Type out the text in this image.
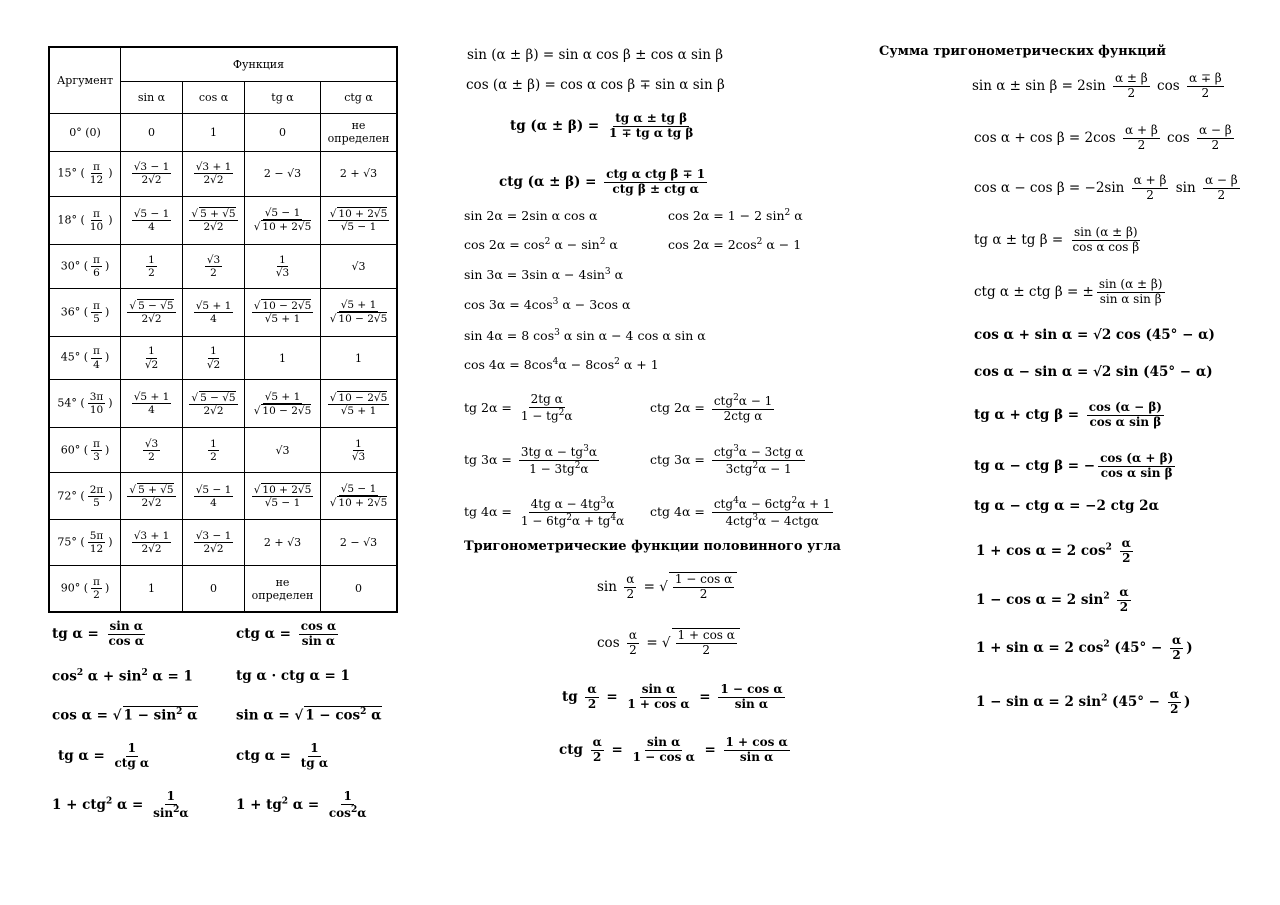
Аргумент	Функция			
	sin α	cos α	tg α	ctg α
0° (0)	0	1	0	не
определен
15° ( $\frac{\pi}{12}$ )	$\frac{√3 - 1}{2√2}$	$\frac{√3 + 1}{2√2}$	2 − √3	2 + √3
18° ( $\frac{\pi}{10}$ )	$\frac{√5 - 1}{4}$	$\frac{√ 5 + √5}{2√2}$	$\frac{√5 - 1}{√ 10 + 2√5}$	$\frac{√ 10 + 2√5}{√5 - 1}$

30° ( $\frac{\pi}{6}$ )	$\frac{1}{2}$	$\frac{√3}{2}$	$\frac{1}{√3}$	√3
36° ( $\frac{\pi}{5}$ )	$\frac{√ 5 - √5}{2√2}$	$\frac{√5 + 1}{4}$	$\frac{√ 10 - 2√5}{√5 + 1}$	$\frac{√5 + 1}{√ 10 - 2√5}$

45° ( $\frac{\pi}{4}$ )	$\frac{1}{√2}$	$\frac{1}{√2}$	1	1
54° ( $\frac{3\pi}{10}$ )	$\frac{√5 + 1}{4}$	$\frac{√ 5 - √5}{2√2}$	$\frac{√5 + 1}{√ 10 - 2√5}$	$\frac{√ 10 - 2√5}{√5 + 1}$

60° ( $\frac{\pi}{3}$ )	$\frac{√3}{2}$	$\frac{1}{2}$	√3	$\frac{1}{√3}$

72° ( $\frac{2\pi}{5}$ )	$\frac{√ 5 + √5}{2√2}$	$\frac{√5 - 1}{4}$	$\frac{√ 10 + 2√5}{√5 - 1}$	$\frac{√5 - 1}{√ 10 + 2√5}$

75° ( $\frac{5\pi}{12}$ )	$\frac{√3 + 1}{2√2}$	$\frac{√3 - 1}{2√2}$	2 + √3	2 − √3
90° ( $\frac{\pi}{2}$ )	1	0	не
определен	0
tg $\alpha = \frac{\text{sin α}}{\text{cos α}}$	ctg $\alpha = \frac{\text{cos α}}{\text{sin α}}$
$\cos^2 \alpha + \sin^2 \alpha = 1$	tg α · ctg α = 1
cos α = √ $1 - \sin^2 \alpha$	sin α = √ $1 - \cos^2 \alpha$
tg $\alpha = \frac{1}{\text{ctg α}}$	ctg $\alpha = \frac{1}{\text{tg α}}$
1 + ctg$^2$ $\alpha = \frac{1}{\sin^2\alpha}$	$1 + tg^2$ $\alpha = \frac{1}{\cos^2\alpha}$
sin (α ± β) = sin α cos β ± cos α sin β
cos (α ± β) = cos α cos β ∓ sin α sin β
tg $(\alpha \pm \beta) = \frac{\text{tg α ± tg β}}{\text{1 ∓ tg α tg β}}$
ctg $(\alpha \pm \beta) = \frac{\text{ctg α ctg β ∓ 1}}{\text{ctg β ± ctg α}}$
sin 2α = 2sin α cos α	cos 2α = 1 − 2 $\sin^2 \alpha$
$\cos 2\alpha = \cos^2 \alpha - \sin^2 \alpha$	$\cos 2\alpha = 2\cos^2$ α − 1
sin 3α = 3sin $\alpha - 4\sin^3$ α
$\cos 3\alpha = 4\cos^3$ α − 3cos α
sin 4α = 8 $\cos^3 \alpha$ sin α − 4 cos α sin α
$\cos 4\alpha = 8\cos^4\alpha - 8\cos^2$ α + 1
tg $2\alpha = \frac{\text{2tg α}}{1 - tg^2\alpha}$	ctg $2\alpha = \frac{ctg^2\alpha - 1}{\text{2ctg α}}$
tg $3\alpha = \frac{3tg \alpha - tg^3\alpha}{1 - 3tg^2\alpha}$	ctg $3\alpha = \frac{ctg^3\alpha - 3ctg \alpha}{3ctg^2\alpha - 1}$
tg $4\alpha = \frac{4tg \alpha - 4tg^3\alpha}{1 - 6tg^2\alpha + tg^4\alpha}$ ctg $4\alpha = \frac{ctg^4\alpha - 6ctg^2\alpha + 1}{4ctg^3\alpha - 4ctg\alpha}$
Тригонометрические функции половинного угла
$\sin \frac{\alpha}{2}$ = √ $\frac{\text{1 − cos α}}{2}$
$\cos \frac{\alpha}{2}$ = √ $\frac{\text{1 + cos α}}{2}$
tg $\frac{\alpha}{2} = \frac{\text{sin α}}{\text{1 + cos α}} = \frac{\text{1 − cos α}}{\text{sin α}}$
ctg $\frac{\alpha}{2} = \frac{\text{sin α}}{\text{1 − cos α}} = \frac{\text{1 + cos α}}{\text{sin α}}$
Сумма тригонометрических функций
$\sin \alpha \pm \sin \beta = 2\sin \frac{\alpha \pm \beta}{2}$ $\cos \frac{\alpha \mp \beta}{2}$
$\cos \alpha + \cos \beta = 2\cos \frac{\alpha + \beta}{2}$ $\cos \frac{\alpha - \beta}{2}$
$\cos \alpha - \cos \beta = -2\sin \frac{\alpha + \beta}{2}$ $\sin \frac{\alpha - \beta}{2}$
tg α ± tg $\beta = \frac{\sin (\alpha \pm \beta)}{\text{cos α cos β}}$
ctg α ± ctg β = ± $\frac{\sin (\alpha \pm \beta)}{\text{sin α sin β}}$
cos α + sin α = √2 cos (45° − α)
cos α − sin α = √2 sin (45° − α)
tg α + ctg $\beta = \frac{\cos (\alpha - \beta)}{\text{cos α sin β}}$
tg α − ctg β = − $\frac{\cos (\alpha + \beta)}{\text{cos α sin β}}$
tg α − ctg α = −2 ctg 2α
1 + cos α = 2 $\cos^2 \frac{\alpha}{2}$
1 − cos α = 2 $\sin^2 \frac{\alpha}{2}$
1 + sin α = 2 $\cos^2 (45^\circ - \frac{\alpha}{2}$ )
1 − sin α = 2 $\sin^2 (45^\circ - \frac{\alpha}{2}$ )
